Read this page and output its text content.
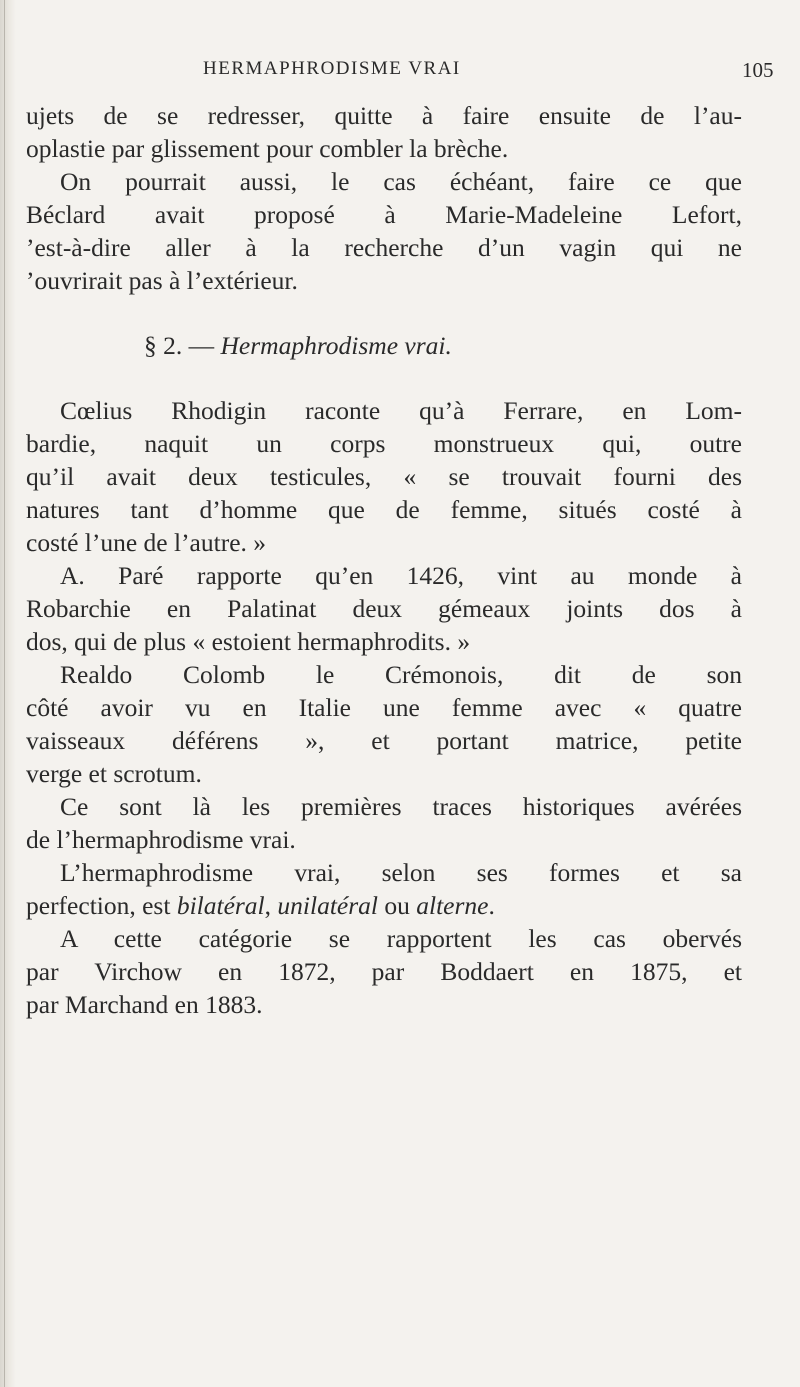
HERMAPHRODISME VRAI	105
ujets de se redresser, quitte à faire ensuite de l’au-
oplastie par glissement pour combler la brèche.
On pourrait aussi, le cas échéant, faire ce que
Béclard avait proposé à Marie-Madeleine Lefort,
’est-à-dire aller à la recherche d’un vagin qui ne
’ouvrirait pas à l’extérieur.
§ 2. — Hermaphrodisme vrai.
Cœlius Rhodigin raconte qu’à Ferrare, en Lom-
bardie, naquit un corps monstrueux qui, outre
qu’il avait deux testicules, « se trouvait fourni des
natures tant d’homme que de femme, situés costé à
costé l’une de l’autre. »
A. Paré rapporte qu’en 1426, vint au monde à
Robarchie en Palatinat deux gémeaux joints dos à
dos, qui de plus « estoient hermaphrodits. »
Realdo Colomb le Crémonois, dit de son
côté avoir vu en Italie une femme avec « quatre
vaisseaux déférens », et portant matrice, petite
verge et scrotum.
Ce sont là les premières traces historiques avérées
de l’hermaphrodisme vrai.
L’hermaphrodisme vrai, selon ses formes et sa
perfection, est bilatéral, unilatéral ou alterne.
A cette catégorie se rapportent les cas obervés
par Virchow en 1872, par Boddaert en 1875, et
par Marchand en 1883.
